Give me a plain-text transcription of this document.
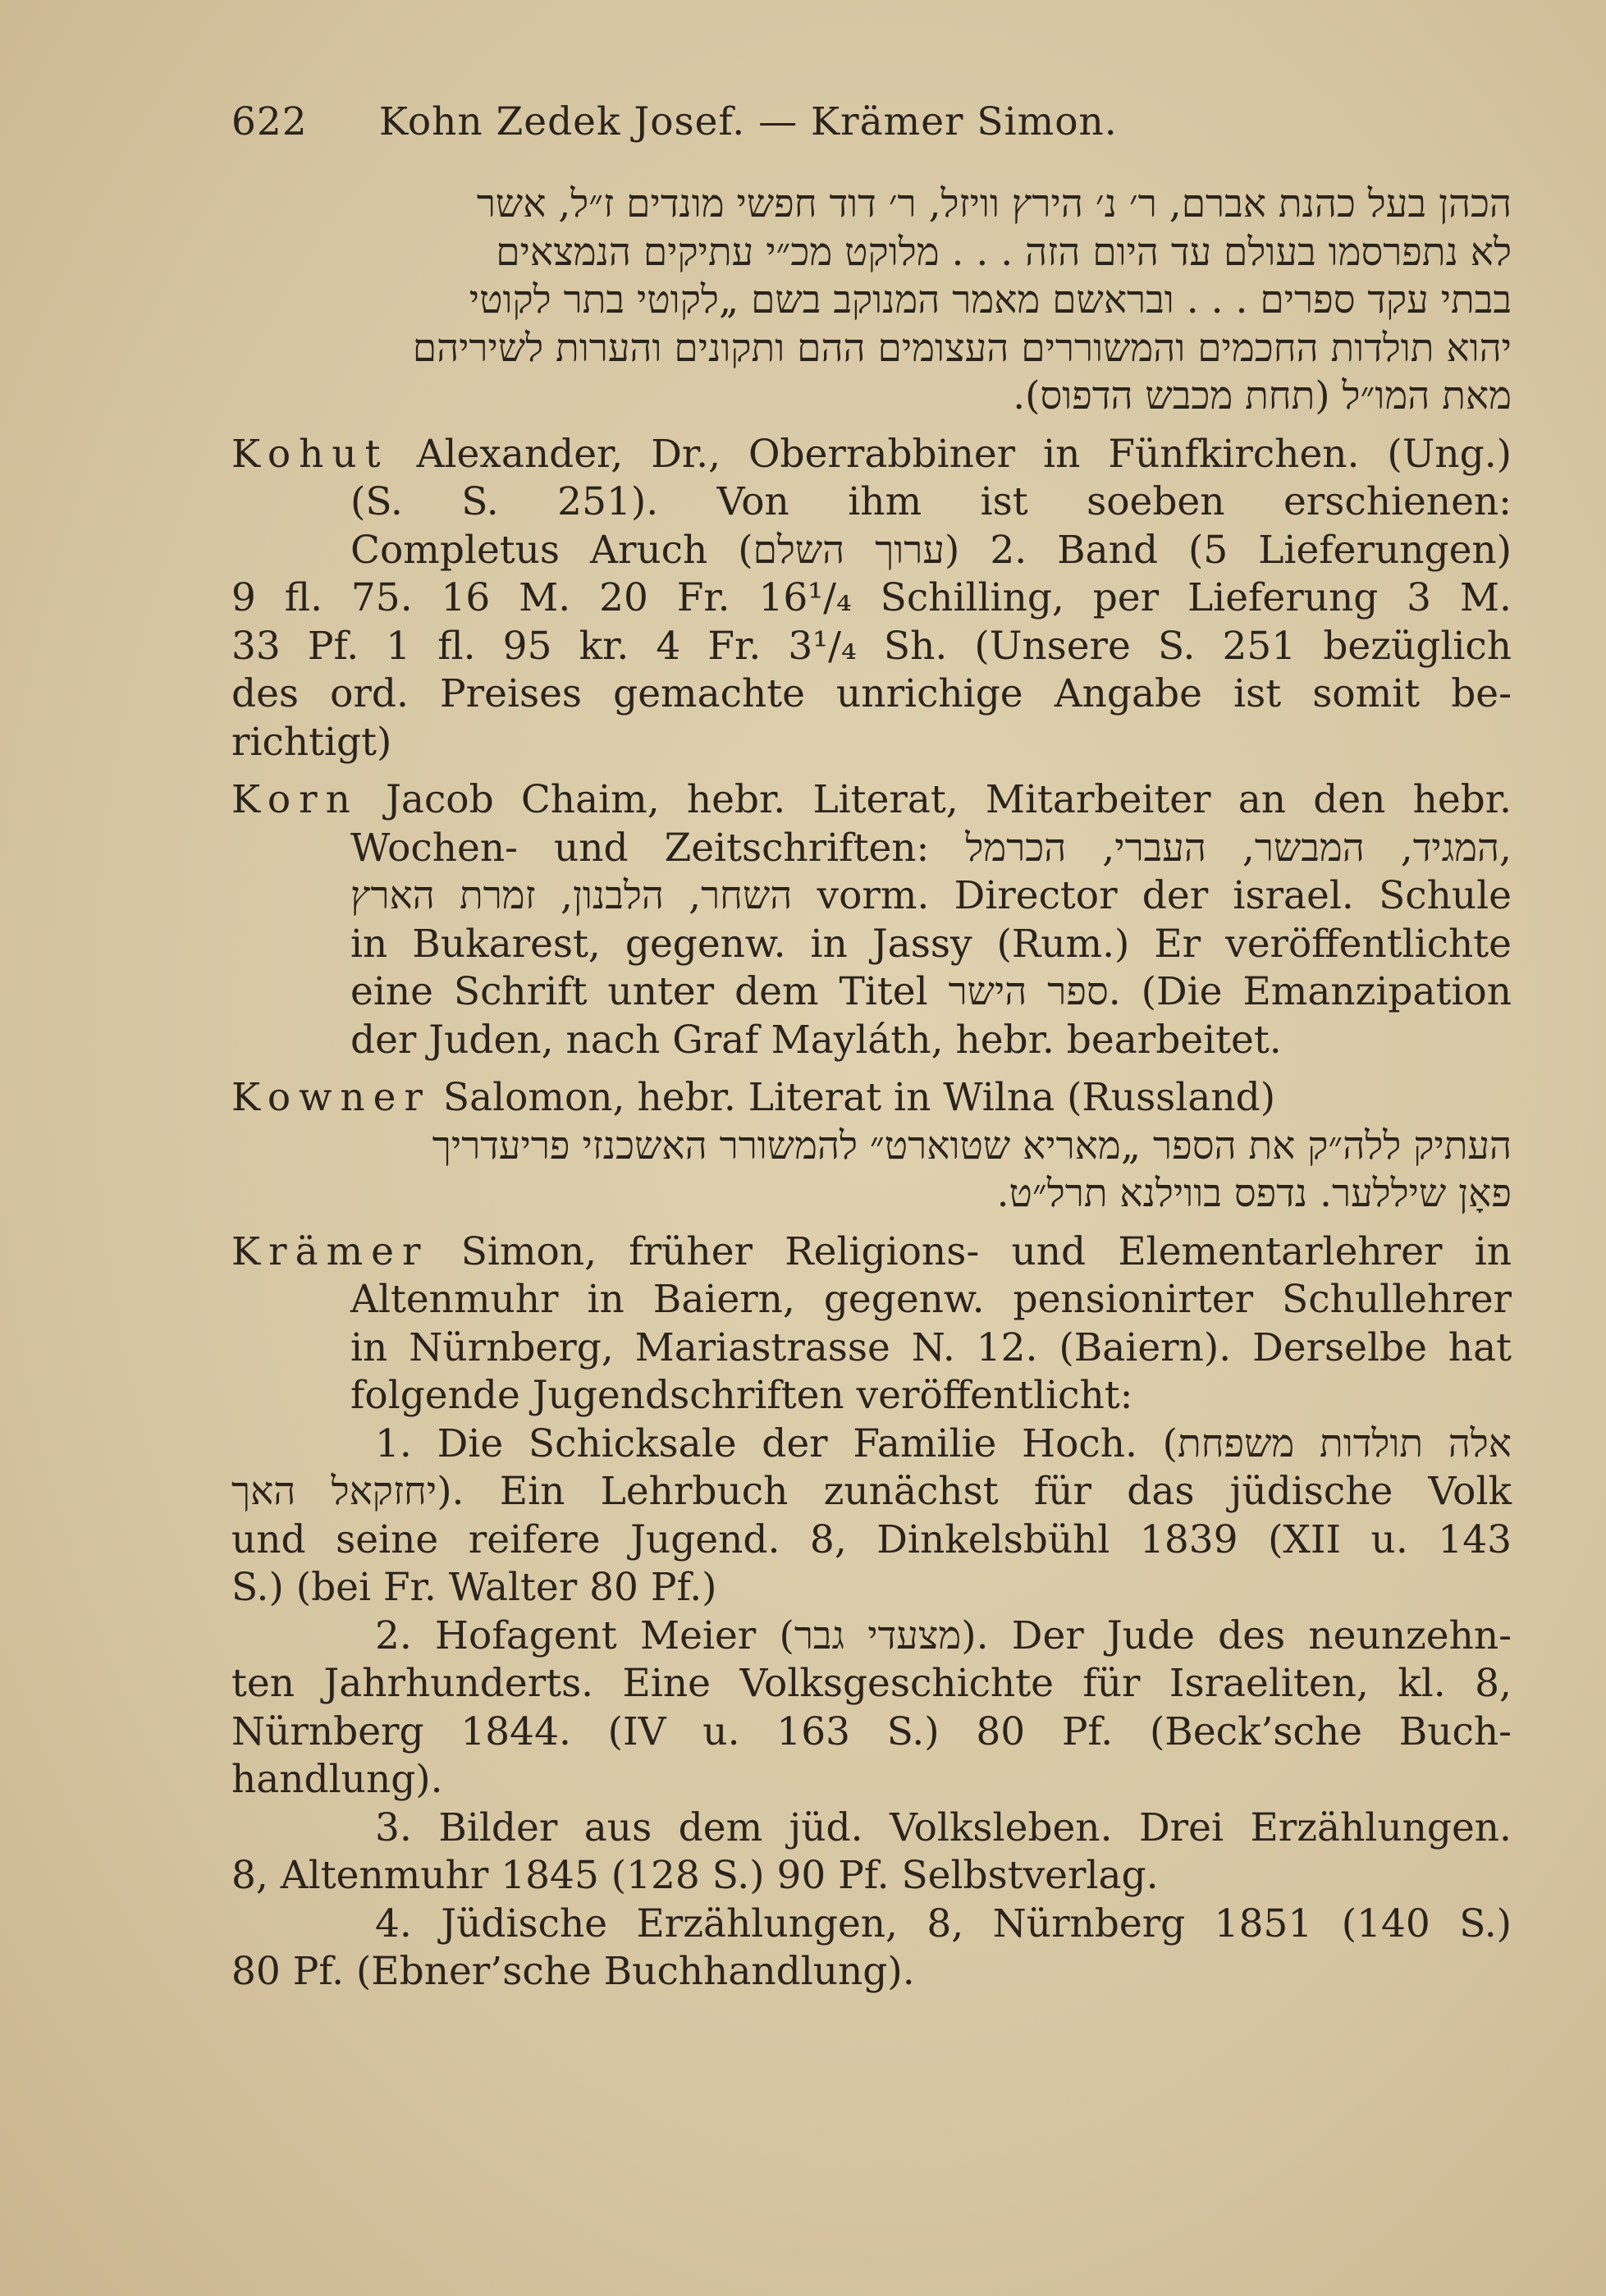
622	Kohn Zedek Josef. — Krämer Simon.
הכהן בעל כהנת אברם, ר׳ נ׳ הירץ וויזל, ר׳ דוד חפשי מונדים ז״ל, אשר
לא נתפרסמו בעולם עד היום הזה . . . מלוקט מכ״י עתיקים הנמצאים
בבתי עקד ספרים . . . ובראשם מאמר המנוקב בשם „לקוטי בתר לקוטי
יהוא תולדות החכמים והמשוררים העצומים ההם ותקונים והערות לשיריהם
מאת המו״ל (תחת מכבש הדפוס).
Kohut Alexander, Dr., Oberrabbiner in Fünfkirchen. (Ung.)
(S. S. 251). Von ihm ist soeben erschienen:
Completus Aruch (ערוך השלם) 2. Band (5 Lieferungen)
9 fl. 75. 16 M. 20 Fr. 16¹/₄ Schilling, per Lieferung 3 M.
33 Pf. 1 fl. 95 kr. 4 Fr. 3¹/₄ Sh. (Unsere S. 251 bezüglich
des ord. Preises gemachte unrichige Angabe ist somit be-
richtigt)
Korn Jacob Chaim, hebr. Literat, Mitarbeiter an den hebr.
Wochen- und Zeitschriften: המגיד, המבשר, העברי, הכרמל,
השחר, הלבנון, זמרת הארץ vorm. Director der israel. Schule
in Bukarest, gegenw. in Jassy (Rum.) Er veröffentlichte
eine Schrift unter dem Titel ספר הישר. (Die Emanzipation
der Juden, nach Graf Mayláth, hebr. bearbeitet.
Kowner Salomon, hebr. Literat in Wilna (Russland)
העתיק ללה״ק את הספר „מאריא שטוארט״ להמשורר האשכנזי פריעדריך
פאָן שיללער. נדפס בווילנא תרל״ט.
Krämer Simon, früher Religions- und Elementarlehrer in
Altenmuhr in Baiern, gegenw. pensionirter Schullehrer
in Nürnberg, Mariastrasse N. 12. (Baiern). Derselbe hat
folgende Jugendschriften veröffentlicht:
1. Die Schicksale der Familie Hoch. (אלה תולדות משפחת
יחזקאל האך). Ein Lehrbuch zunächst für das jüdische Volk
und seine reifere Jugend. 8, Dinkelsbühl 1839 (XII u. 143
S.) (bei Fr. Walter 80 Pf.)
2. Hofagent Meier (מצעדי גבר). Der Jude des neunzehn-
ten Jahrhunderts. Eine Volksgeschichte für Israeliten, kl. 8,
Nürnberg 1844. (IV u. 163 S.) 80 Pf. (Beck’sche Buch-
handlung).
3. Bilder aus dem jüd. Volksleben. Drei Erzählungen.
8, Altenmuhr 1845 (128 S.) 90 Pf. Selbstverlag.
4. Jüdische Erzählungen, 8, Nürnberg 1851 (140 S.)
80 Pf. (Ebner’sche Buchhandlung).
